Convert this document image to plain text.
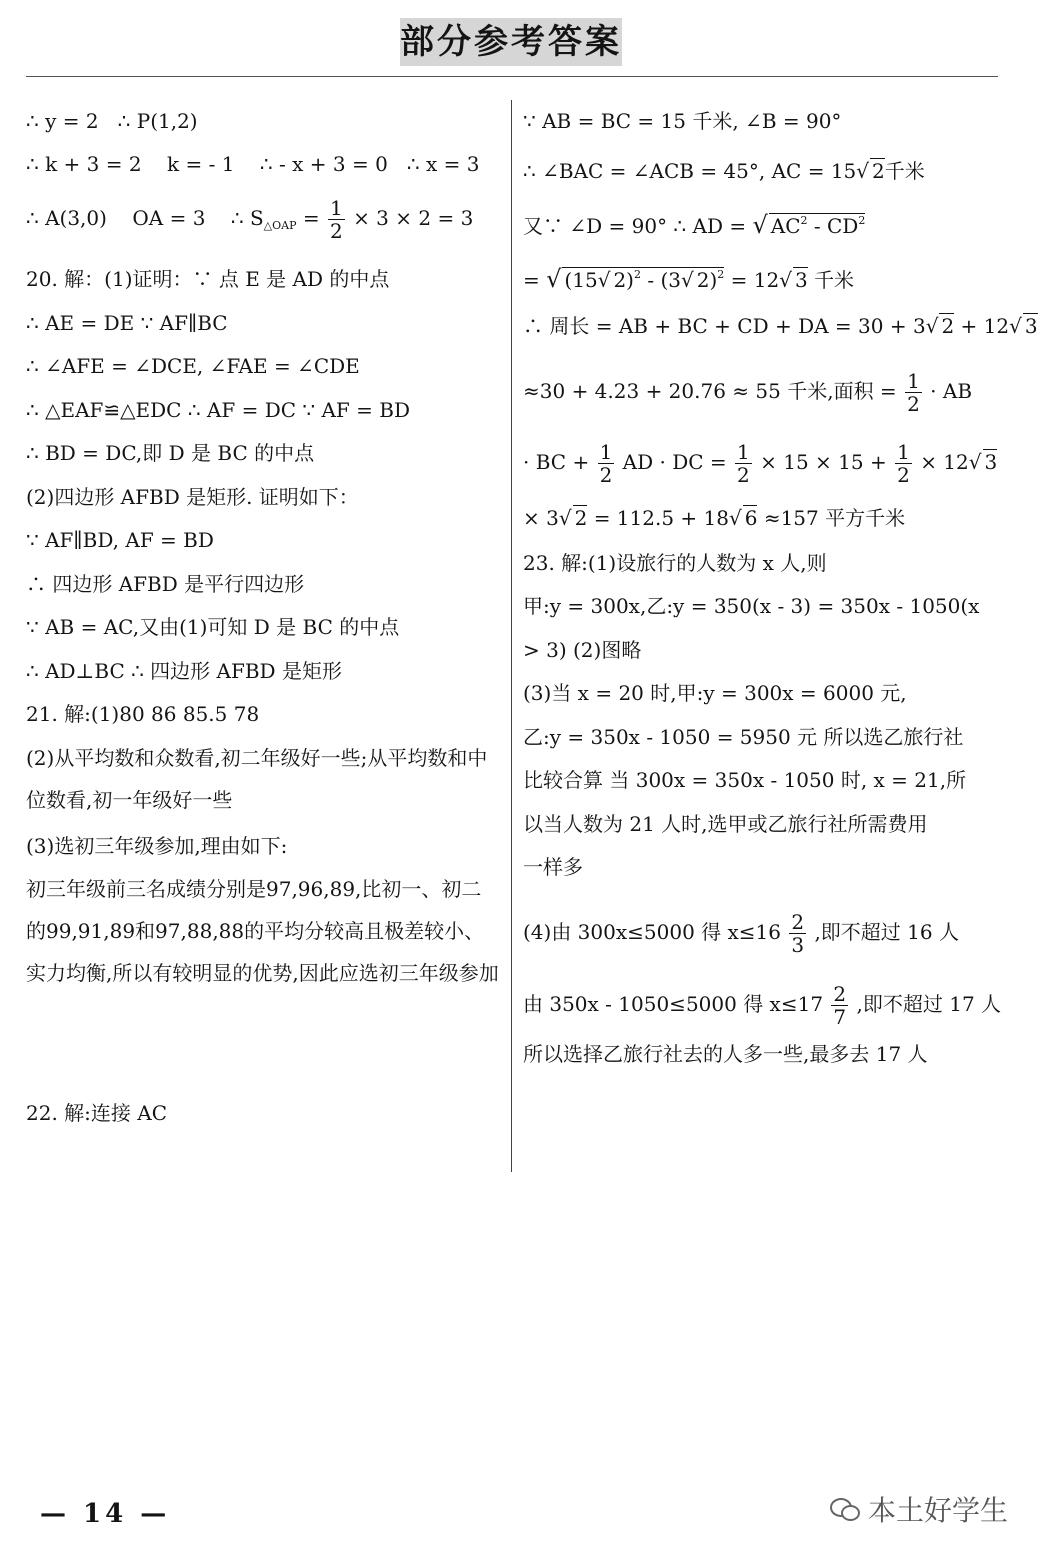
部分参考答案
∴ y = 2 ∴ P(1,2)
∴ k + 3 = 2 k = - 1 ∴ - x + 3 = 0 ∴ x = 3
∴ A(3,0) OA = 3 ∴ $S_{\triangle OAP} = \frac{1}{2} \times 3 \times 2 = 3$
20. 解：(1)证明：∵ 点 E 是 AD 的中点
∴ AE = DE ∵ AF∥BC
∴ ∠AFE = ∠DCE, ∠FAE = ∠CDE
∴ △EAF≌△EDC ∴ AF = DC ∵ AF = BD
∴ BD = DC,即 D 是 BC 的中点
(2)四边形 AFBD 是矩形. 证明如下：
∵ AF∥BD, AF = BD
∴ 四边形 AFBD 是平行四边形
∵ AB = AC,又由(1)可知 D 是 BC 的中点
∴ AD⊥BC ∴ 四边形 AFBD 是矩形
21. 解:(1)80 86 85.5 78
(2)从平均数和众数看,初二年级好一些;从平均数和中位数看,初一年级好一些
(3)选初三年级参加,理由如下:
初三年级前三名成绩分别是97,96,89,比初一、初二的99,91,89和97,88,88的平均分较高且极差较小、实力均衡,所以有较明显的优势,因此应选初三年级参加
22. 解:连接 AC
∵ AB = BC = 15 千米, ∠B = 90°
∴ ∠BAC = ∠ACB = 45°, AC = 15√ 2千米
又∵ ∠D = 90° ∴ AD = √ $AC^2 - CD^2$
= √ (15√ 2)$^2$ - (3√ 2)$^2$ = 12√ 3 千米
∴ 周长 = AB + BC + CD + DA = 30 + 3√ 2 + 12√ 3
≈30 + 4.23 + 20.76 ≈ 55 千米,面积 = $\frac{1}{2}$ · AB
· BC + $\frac{1}{2}$ AD · DC = $\frac{1}{2} \times 15 \times 15 + \frac{1}{2} \times 12√$ 3
× 3√ 2 = 112.5 + 18√ 6 ≈157 平方千米
23. 解:(1)设旅行的人数为 x 人,则
甲:y = 300x,乙:y = 350(x - 3) = 350x - 1050(x
> 3) (2)图略
(3)当 x = 20 时,甲:y = 300x = 6000 元,
乙:y = 350x - 1050 = 5950 元 所以选乙旅行社
比较合算 当 300x = 350x - 1050 时, x = 21,所
以当人数为 21 人时,选甲或乙旅行社所需费用
一样多
(4)由 300x≤5000 得 $x\le 16 \frac{2}{3}$ ,即不超过 16 人
由 350x - 1050≤5000 得 $x\le 17 \frac{2}{7}$ ,即不超过 17 人
所以选择乙旅行社去的人多一些,最多去 17 人
— 14 —	本土好学生
